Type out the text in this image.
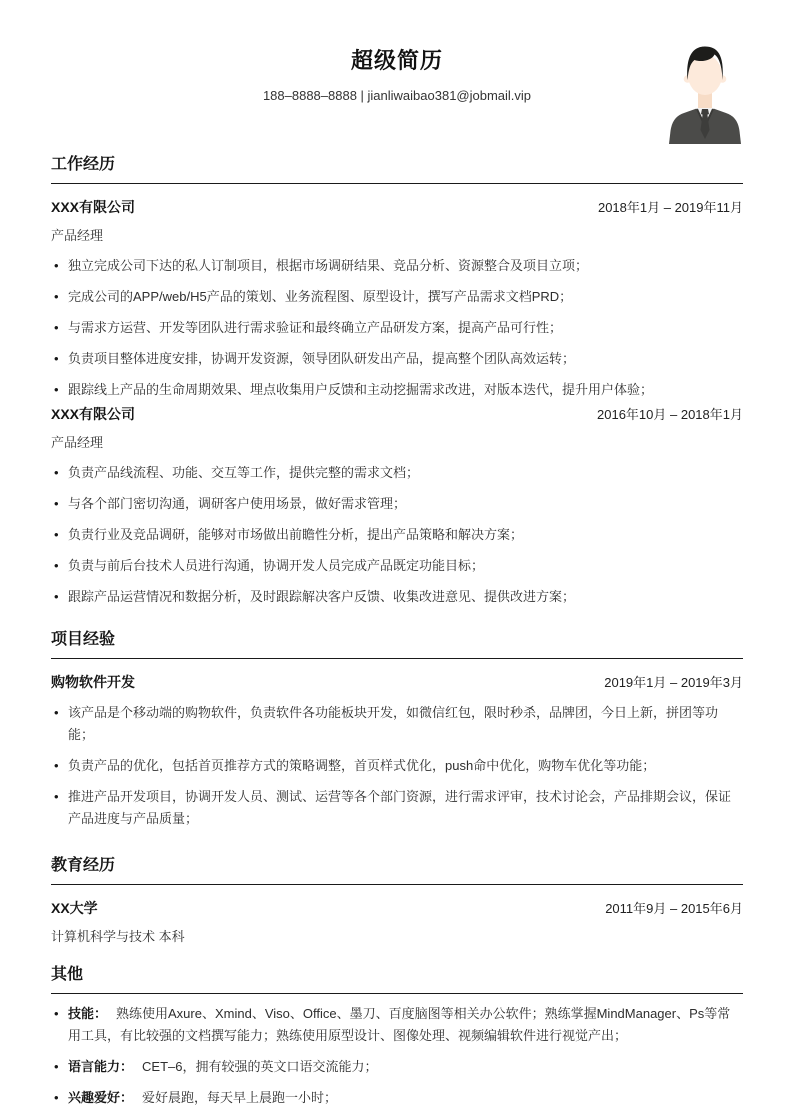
超级简历
188–8888–8888 | jianliwaibao381@jobmail.vip
工作经历
XXX有限公司	2018年1月 – 2019年11月
产品经理
• 独立完成公司下达的私人订制项目，根据市场调研结果、竞品分析、资源整合及项目立项；
• 完成公司的APP/web/H5产品的策划、业务流程图、原型设计，撰写产品需求文档PRD；
• 与需求方运营、开发等团队进行需求验证和最终确立产品研发方案，提高产品可行性；
• 负责项目整体进度安排，协调开发资源，领导团队研发出产品，提高整个团队高效运转；
• 跟踪线上产品的生命周期效果、埋点收集用户反馈和主动挖掘需求改进，对版本迭代，提升用户体验；
XXX有限公司	2016年10月 – 2018年1月
产品经理
• 负责产品线流程、功能、交互等工作，提供完整的需求文档；
• 与各个部门密切沟通，调研客户使用场景，做好需求管理；
• 负责行业及竞品调研，能够对市场做出前瞻性分析，提出产品策略和解决方案；
• 负责与前后台技术人员进行沟通，协调开发人员完成产品既定功能目标；
• 跟踪产品运营情况和数据分析，及时跟踪解决客户反馈、收集改进意见、提供改进方案；
项目经验
购物软件开发	2019年1月 – 2019年3月
• 该产品是个移动端的购物软件，负责软件各功能板块开发，如微信红包，限时秒杀，品牌团，今日上新，拼团等功能；
• 负责产品的优化，包括首页推荐方式的策略调整，首页样式优化，push命中优化，购物车优化等功能；
• 推进产品开发项目，协调开发人员、测试、运营等各个部门资源，进行需求评审，技术讨论会，产品排期会议，保证产品进度与产品质量；
教育经历
XX大学	2011年9月 – 2015年6月
计算机科学与技术 本科
其他
• 技能： 熟练使用Axure、Xmind、Viso、Office、墨刀、百度脑图等相关办公软件；熟练掌握MindManager、Ps等常用工具，有比较强的文档撰写能力；熟练使用原型设计、图像处理、视频编辑软件进行视觉产出；
• 语言能力： CET–6，拥有较强的英文口语交流能力；
• 兴趣爱好： 爱好晨跑，每天早上晨跑一小时；
